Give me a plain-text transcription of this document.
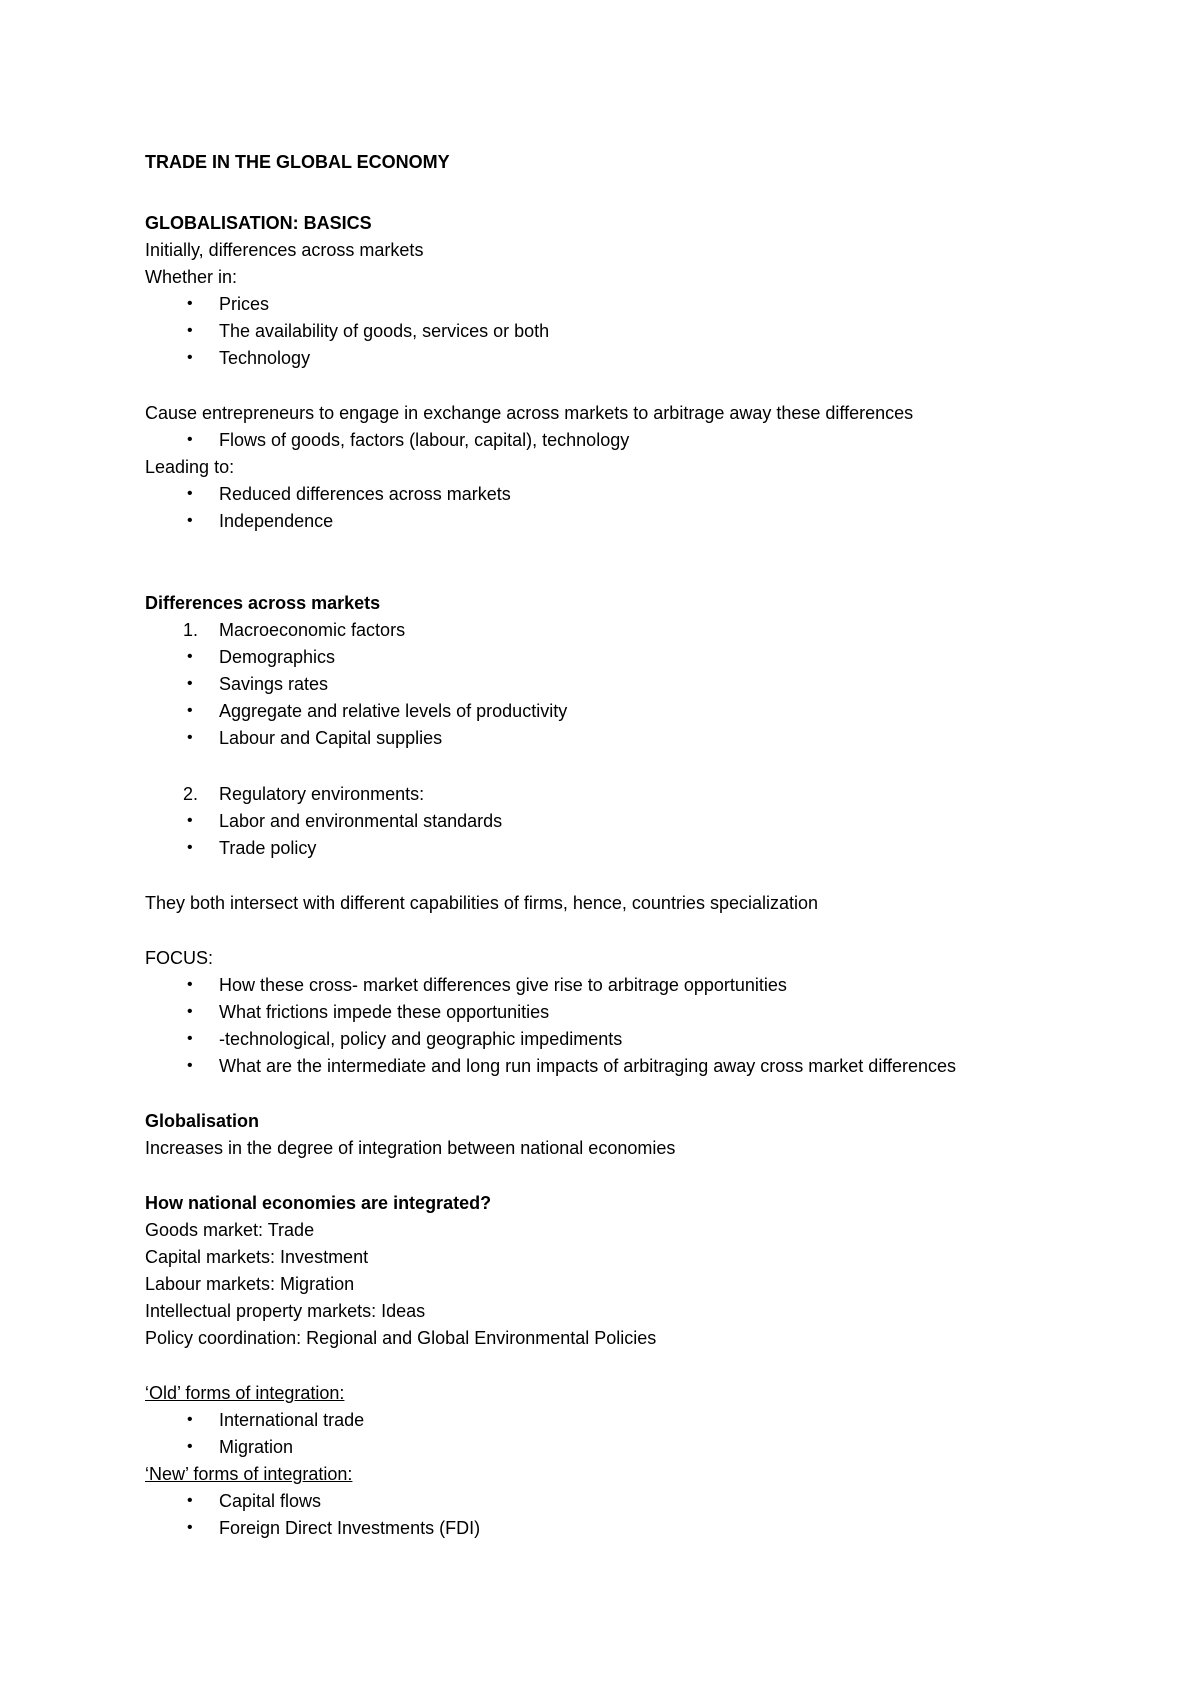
TRADE IN THE GLOBAL ECONOMY
GLOBALISATION: BASICS
Initially, differences across markets
Whether in:
•	Prices
•	The availability of goods, services or both
•	Technology
Cause entrepreneurs to engage in exchange across markets to arbitrage away these differences
•	Flows of goods, factors (labour, capital), technology
Leading to:
•	Reduced differences across markets
•	Independence
Differences across markets
1. Macroeconomic factors
•	Demographics
•	Savings rates
•	Aggregate and relative levels of productivity
•	Labour and Capital supplies
2. Regulatory environments:
•	Labor and environmental standards
•	Trade policy
They both intersect with different capabilities of firms, hence, countries specialization
FOCUS:
•	How these cross- market differences give rise to arbitrage opportunities
•	What frictions impede these opportunities
•	-technological, policy and geographic impediments
•	What are the intermediate and long run impacts of arbitraging away cross market differences
Globalisation
Increases in the degree of integration between national economies
How national economies are integrated?
Goods market: Trade
Capital markets: Investment
Labour markets: Migration
Intellectual property markets: Ideas
Policy coordination: Regional and Global Environmental Policies
‘Old’ forms of integration:
•	International trade
•	Migration
‘New’ forms of integration:
•	Capital flows
•	Foreign Direct Investments (FDI)
